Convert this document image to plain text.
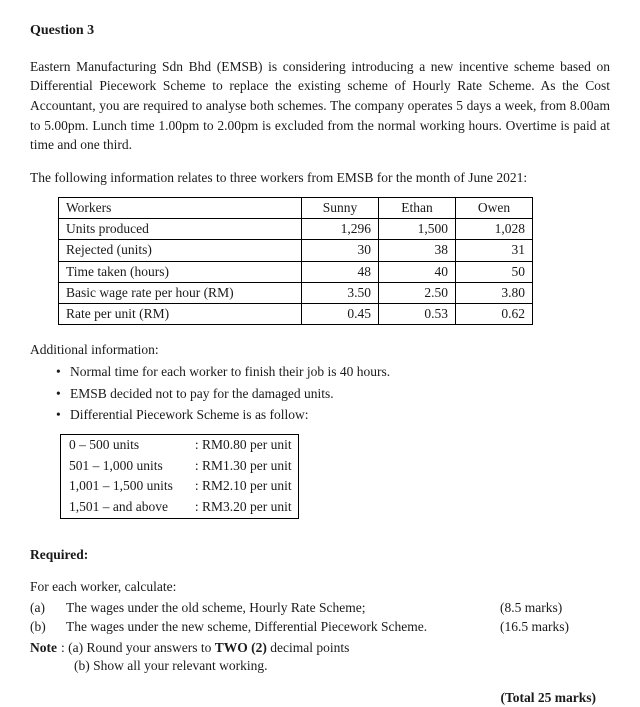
Question 3
Eastern Manufacturing Sdn Bhd (EMSB) is considering introducing a new incentive scheme based on Differential Piecework Scheme to replace the existing scheme of Hourly Rate Scheme. As the Cost Accountant, you are required to analyse both schemes. The company operates 5 days a week, from 8.00am to 5.00pm. Lunch time 1.00pm to 2.00pm is excluded from the normal working hours. Overtime is paid at time and one third.
The following information relates to three workers from EMSB for the month of June 2021:
Workers	Sunny	Ethan	Owen
Units produced	1,296	1,500	1,028
Rejected (units)	30	38	31
Time taken (hours)	48	40	50
Basic wage rate per hour (RM)	3.50	2.50	3.80
Rate per unit (RM)	0.45	0.53	0.62
Additional information:
• Normal time for each worker to finish their job is 40 hours.
• EMSB decided not to pay for the damaged units.
• Differential Piecework Scheme is as follow:
0 – 500 units	: RM0.80 per unit
501 – 1,000 units	: RM1.30 per unit
1,001 – 1,500 units	: RM2.10 per unit
1,501 – and above	: RM3.20 per unit
Required:
For each worker, calculate:
(a)	The wages under the old scheme, Hourly Rate Scheme;	(8.5 marks)
(b)	The wages under the new scheme, Differential Piecework Scheme.	(16.5 marks)
Note : (a) Round your answers to TWO (2) decimal points
(b) Show all your relevant working.
(Total 25 marks)
